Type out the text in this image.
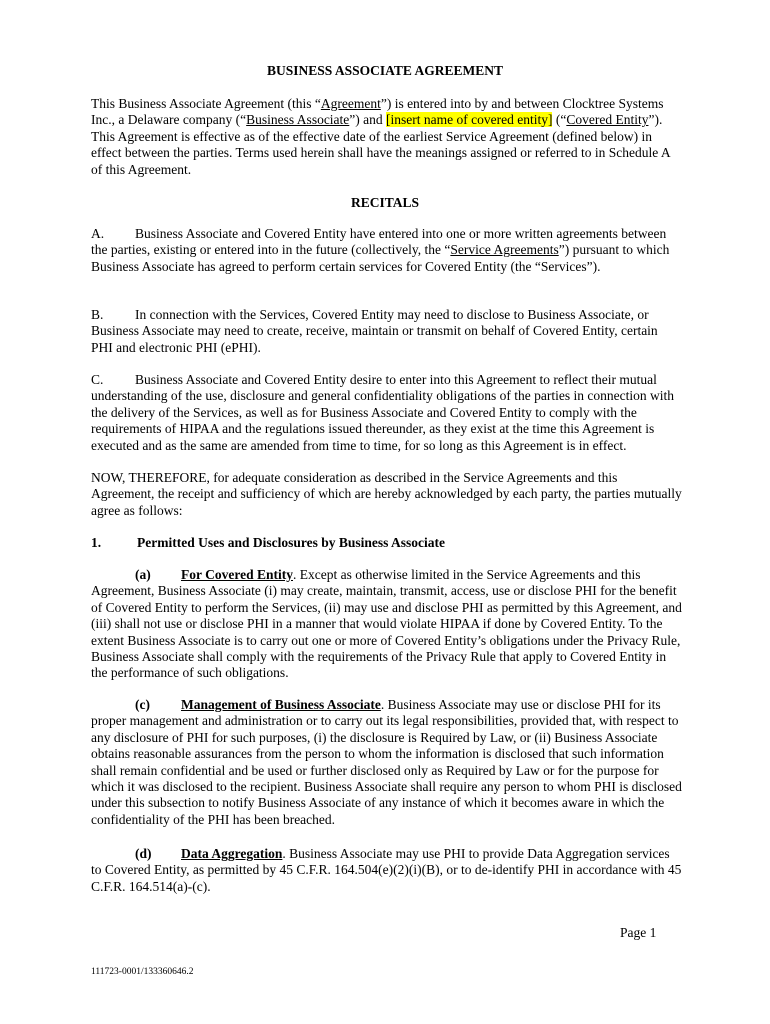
BUSINESS ASSOCIATE AGREEMENT
This Business Associate Agreement (this “Agreement”) is entered into by and between Clocktree Systems Inc., a Delaware company (“Business Associate”) and [insert name of covered entity] (“Covered Entity”). This Agreement is effective as of the effective date of the earliest Service Agreement (defined below) in effect between the parties. Terms used herein shall have the meanings assigned or referred to in Schedule A of this Agreement.
RECITALS
A. Business Associate and Covered Entity have entered into one or more written agreements between the parties, existing or entered into in the future (collectively, the “Service Agreements”) pursuant to which Business Associate has agreed to perform certain services for Covered Entity (the “Services”).
B. In connection with the Services, Covered Entity may need to disclose to Business Associate, or Business Associate may need to create, receive, maintain or transmit on behalf of Covered Entity, certain PHI and electronic PHI (ePHI).
C. Business Associate and Covered Entity desire to enter into this Agreement to reflect their mutual understanding of the use, disclosure and general confidentiality obligations of the parties in connection with the delivery of the Services, as well as for Business Associate and Covered Entity to comply with the requirements of HIPAA and the regulations issued thereunder, as they exist at the time this Agreement is executed and as the same are amended from time to time, for so long as this Agreement is in effect.
NOW, THEREFORE, for adequate consideration as described in the Service Agreements and this Agreement, the receipt and sufficiency of which are hereby acknowledged by each party, the parties mutually agree as follows:
1.	Permitted Uses and Disclosures by Business Associate
(a) For Covered Entity. Except as otherwise limited in the Service Agreements and this Agreement, Business Associate (i) may create, maintain, transmit, access, use or disclose PHI for the benefit of Covered Entity to perform the Services, (ii) may use and disclose PHI as permitted by this Agreement, and (iii) shall not use or disclose PHI in a manner that would violate HIPAA if done by Covered Entity. To the extent Business Associate is to carry out one or more of Covered Entity’s obligations under the Privacy Rule, Business Associate shall comply with the requirements of the Privacy Rule that apply to Covered Entity in the performance of such obligations.
(c) Management of Business Associate. Business Associate may use or disclose PHI for its proper management and administration or to carry out its legal responsibilities, provided that, with respect to any disclosure of PHI for such purposes, (i) the disclosure is Required by Law, or (ii) Business Associate obtains reasonable assurances from the person to whom the information is disclosed that such information shall remain confidential and be used or further disclosed only as Required by Law or for the purpose for which it was disclosed to the recipient. Business Associate shall require any person to whom PHI is disclosed under this subsection to notify Business Associate of any instance of which it becomes aware in which the confidentiality of the PHI has been breached.
(d) Data Aggregation. Business Associate may use PHI to provide Data Aggregation services to Covered Entity, as permitted by 45 C.F.R. 164.504(e)(2)(i)(B), or to de-identify PHI in accordance with 45 C.F.R. 164.514(a)-(c).
Page 1
111723-0001/133360646.2
